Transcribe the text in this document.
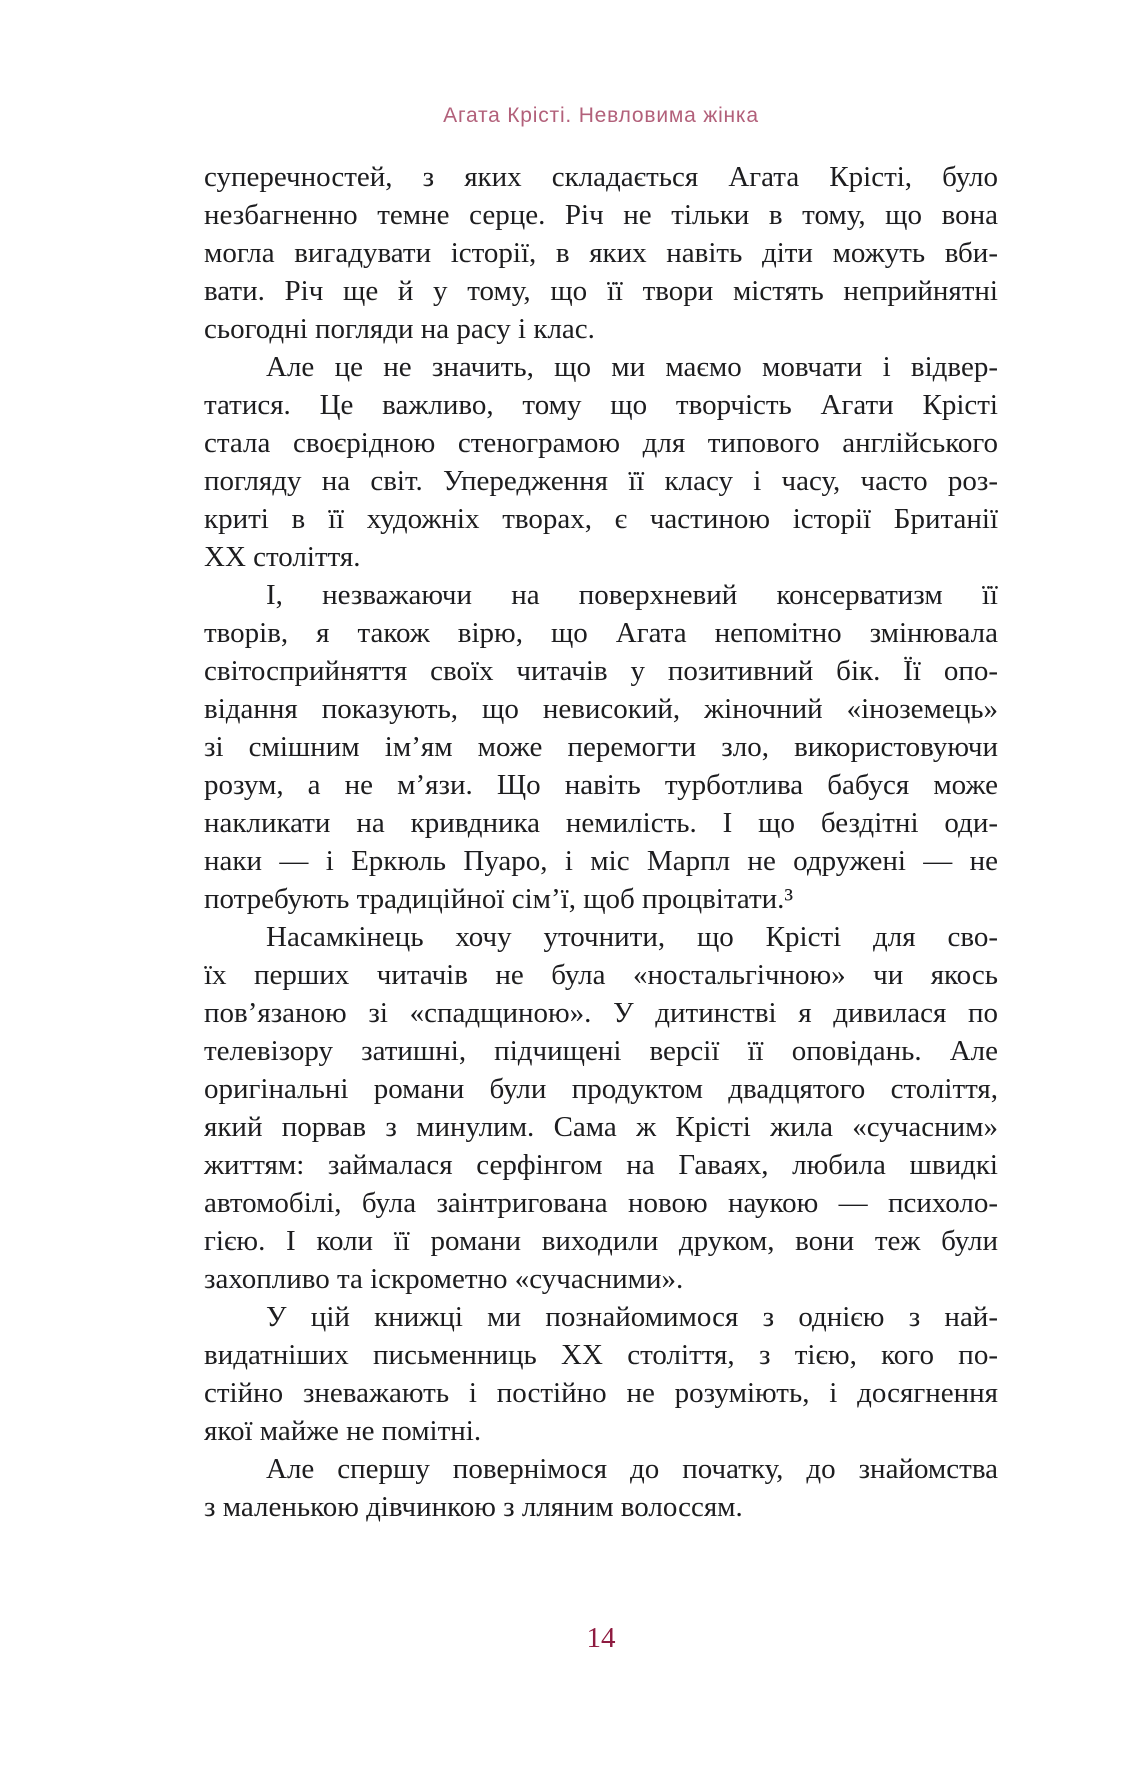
Агата Крісті. Невловима жінка
суперечностей, з яких складається Агата Крісті, було
незбагненно темне серце. Річ не тільки в тому, що вона
могла вигадувати історії, в яких навіть діти можуть вби-
вати. Річ ще й у тому, що її твори містять неприйнятні
сьогодні погляди на расу і клас.
Але це не значить, що ми маємо мовчати і відвер-
татися. Це важливо, тому що творчість Агати Крісті
стала своєрідною стенограмою для типового англійського
погляду на світ. Упередження її класу і часу, часто роз-
криті в її художніх творах, є частиною історії Британії
ХХ століття.
І, незважаючи на поверхневий консерватизм її
творів, я також вірю, що Агата непомітно змінювала
світосприйняття своїх читачів у позитивний бік. Її опо-
відання показують, що невисокий, жіночний «іноземець»
зі смішним ім’ям може перемогти зло, використовуючи
розум, а не м’язи. Що навіть турботлива бабуся може
накликати на кривдника немилість. І що бездітні оди-
наки — і Еркюль Пуаро, і міс Марпл не одружені — не
потребують традиційної сім’ї, щоб процвітати.³
Насамкінець хочу уточнити, що Крісті для сво-
їх перших читачів не була «ностальгічною» чи якось
пов’язаною зі «спадщиною». У дитинстві я дивилася по
телевізору затишні, підчищені версії її оповідань. Але
оригінальні романи були продуктом двадцятого століття,
який порвав з минулим. Сама ж Крісті жила «сучасним»
життям: займалася серфінгом на Гаваях, любила швидкі
автомобілі, була заінтригована новою наукою — психоло-
гією. І коли її романи виходили друком, вони теж були
захопливо та іскрометно «сучасними».
У цій книжці ми познайомимося з однією з най-
видатніших письменниць ХХ століття, з тією, кого по-
стійно зневажають і постійно не розуміють, і досягнення
якої майже не помітні.
Але спершу повернімося до початку, до знайомства
з маленькою дівчинкою з лляним волоссям.
14
